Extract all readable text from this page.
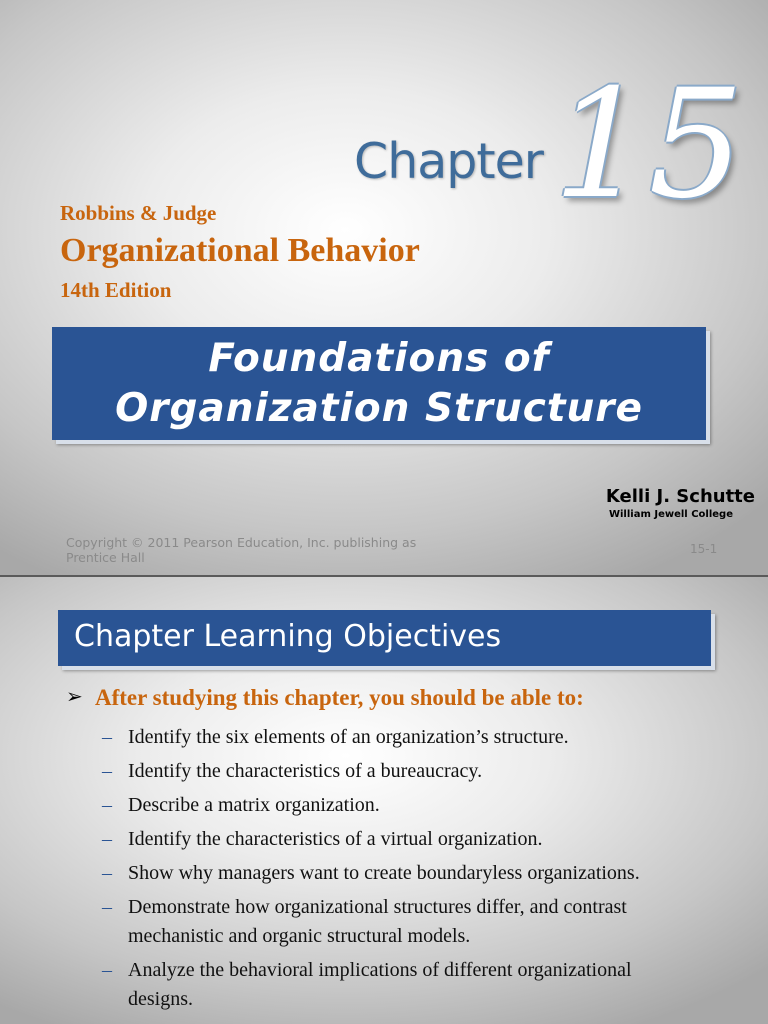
Chapter 15
Robbins & Judge
Organizational Behavior
14th Edition
Foundations of
Organization Structure
Kelli J. Schutte
William Jewell College
Copyright © 2011 Pearson Education, Inc. publishing as Prentice Hall
15-1
Chapter Learning Objectives
➢ After studying this chapter, you should be able to:
– Identify the six elements of an organization’s structure.
– Identify the characteristics of a bureaucracy.
– Describe a matrix organization.
– Identify the characteristics of a virtual organization.
– Show why managers want to create boundaryless organizations.
– Demonstrate how organizational structures differ, and contrast mechanistic and organic structural models.
– Analyze the behavioral implications of different organizational designs.
